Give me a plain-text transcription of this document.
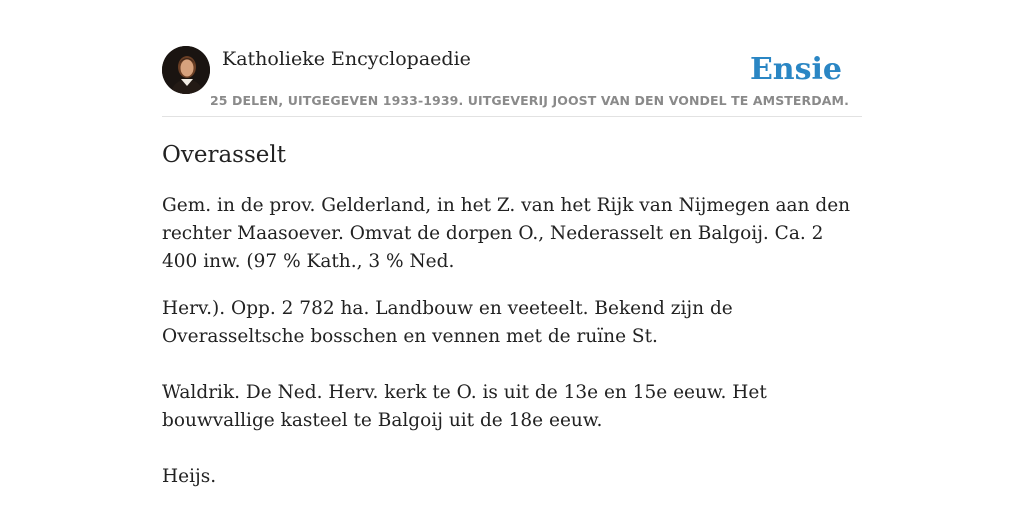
Katholieke Encyclopaedie	Ensie
25 DELEN, UITGEGEVEN 1933-1939. UITGEVERIJ JOOST VAN DEN VONDEL TE AMSTERDAM.
Overasselt

Gem. in de prov. Gelderland, in het Z. van het Rijk van Nijmegen aan den rechter Maasoever. Omvat de dorpen O., Nederasselt en Balgoij. Ca. 2 400 inw. (97 % Kath., 3 % Ned.

Herv.). Opp. 2 782 ha. Landbouw en veeteelt. Bekend zijn de Overasseltsche bosschen en vennen met de ruïne St.

Waldrik. De Ned. Herv. kerk te O. is uit de 13e en 15e eeuw. Het bouwvallige kasteel te Balgoij uit de 18e eeuw.

Heijs.
